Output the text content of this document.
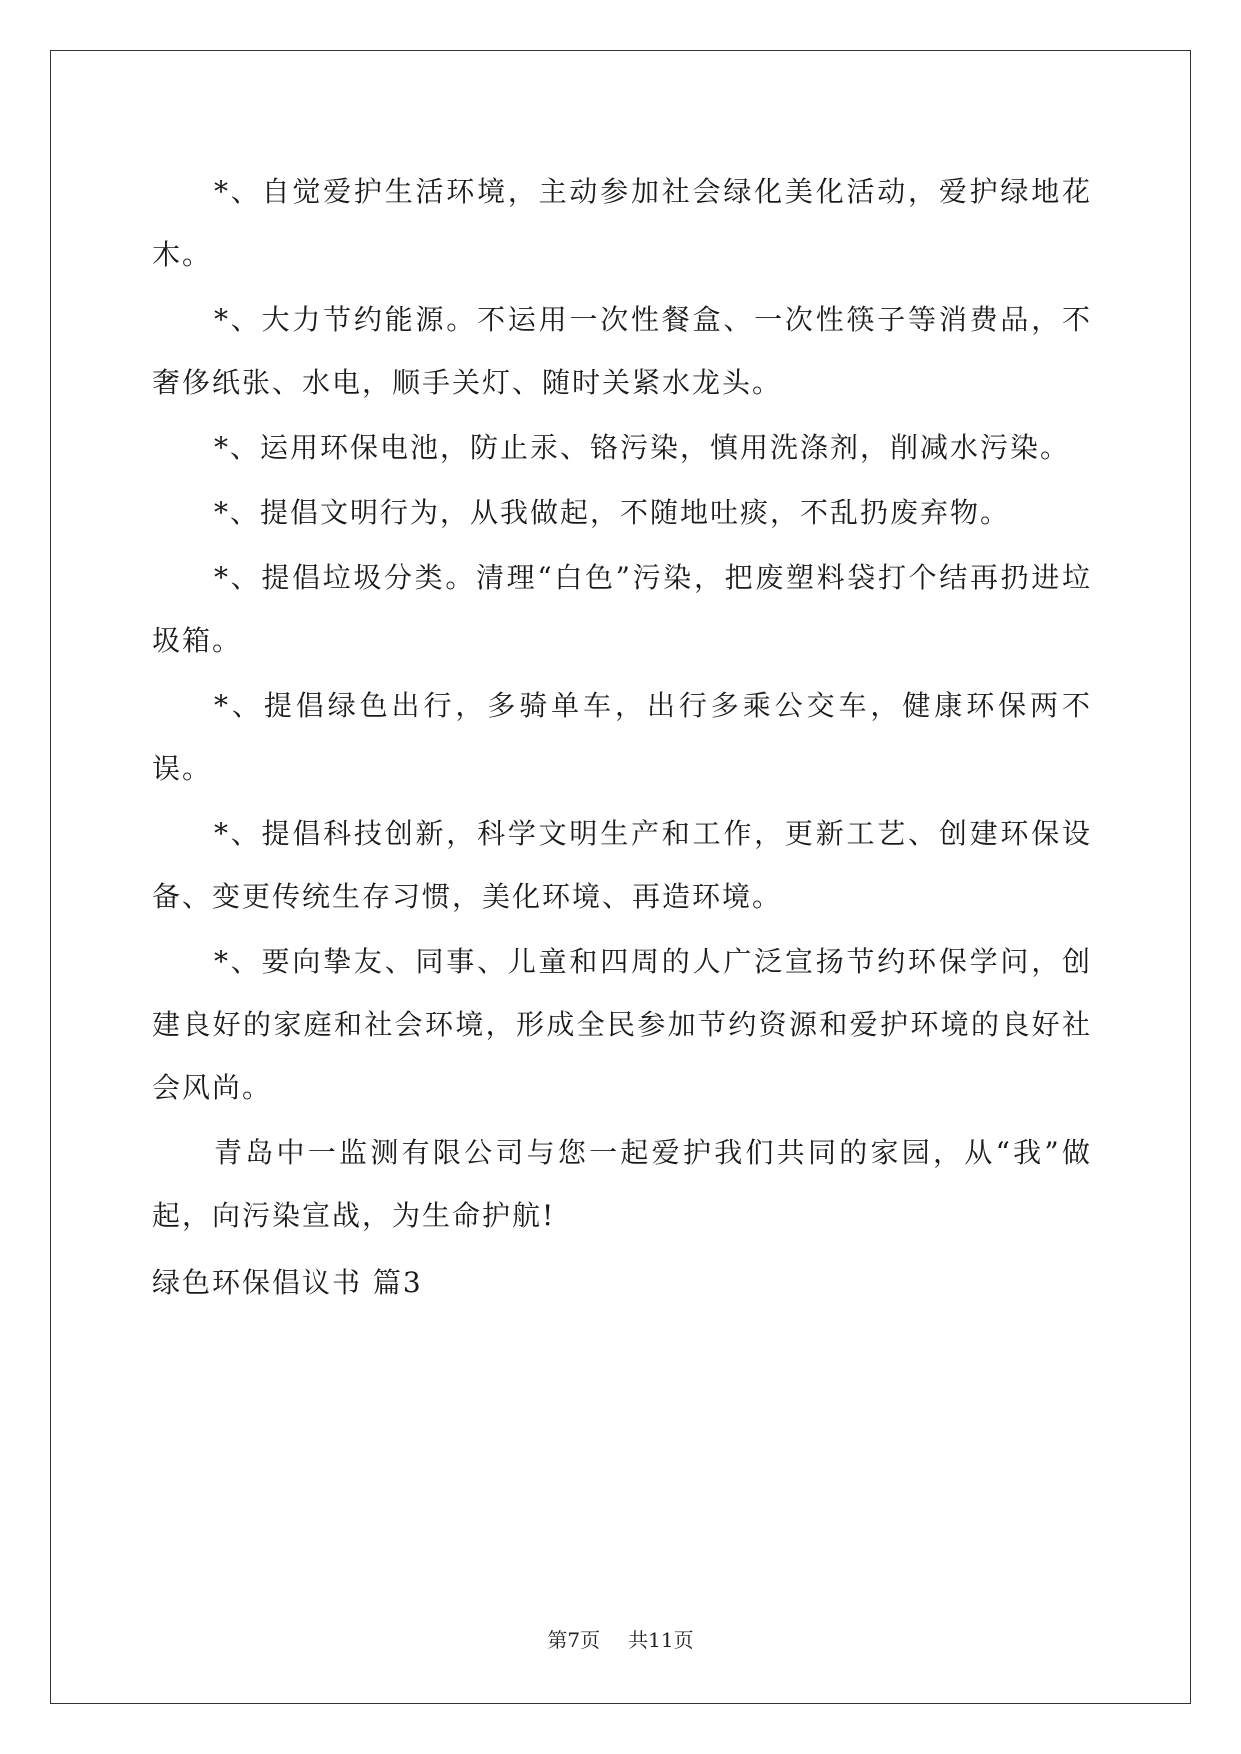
*、自觉爱护生活环境，主动参加社会绿化美化活动，爱护绿地花木。

*、大力节约能源。不运用一次性餐盒、一次性筷子等消费品，不奢侈纸张、水电，顺手关灯、随时关紧水龙头。

*、运用环保电池，防止汞、铬污染，慎用洗涤剂，削减水污染。

*、提倡文明行为，从我做起，不随地吐痰，不乱扔废弃物。

*、提倡垃圾分类。清理“白色”污染，把废塑料袋打个结再扔进垃圾箱。

*、提倡绿色出行，多骑单车，出行多乘公交车，健康环保两不误。

*、提倡科技创新，科学文明生产和工作，更新工艺、创建环保设备、变更传统生存习惯，美化环境、再造环境。

*、要向挚友、同事、儿童和四周的人广泛宣扬节约环保学问，创建良好的家庭和社会环境，形成全民参加节约资源和爱护环境的良好社会风尚。

青岛中一监测有限公司与您一起爱护我们共同的家园，从“我”做起，向污染宣战，为生命护航!

绿色环保倡议书 篇3

第7页 共11页
